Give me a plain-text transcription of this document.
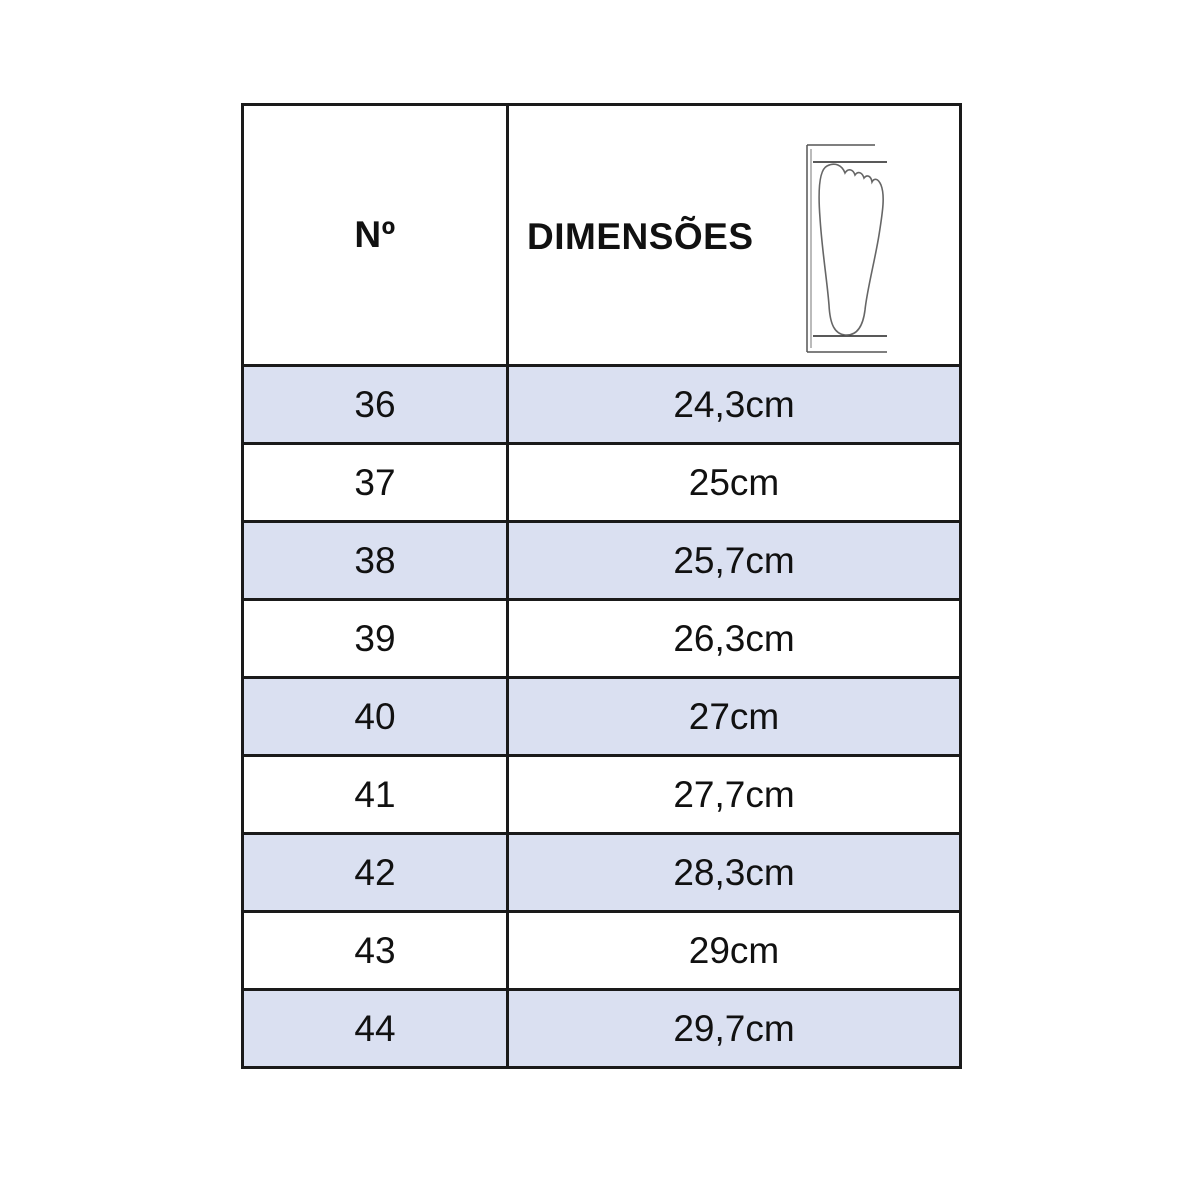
Nº	DIMENSÕES

36	24,3cm
37	25cm
38	25,7cm
39	26,3cm
40	27cm
41	27,7cm
42	28,3cm
43	29cm
44	29,7cm
